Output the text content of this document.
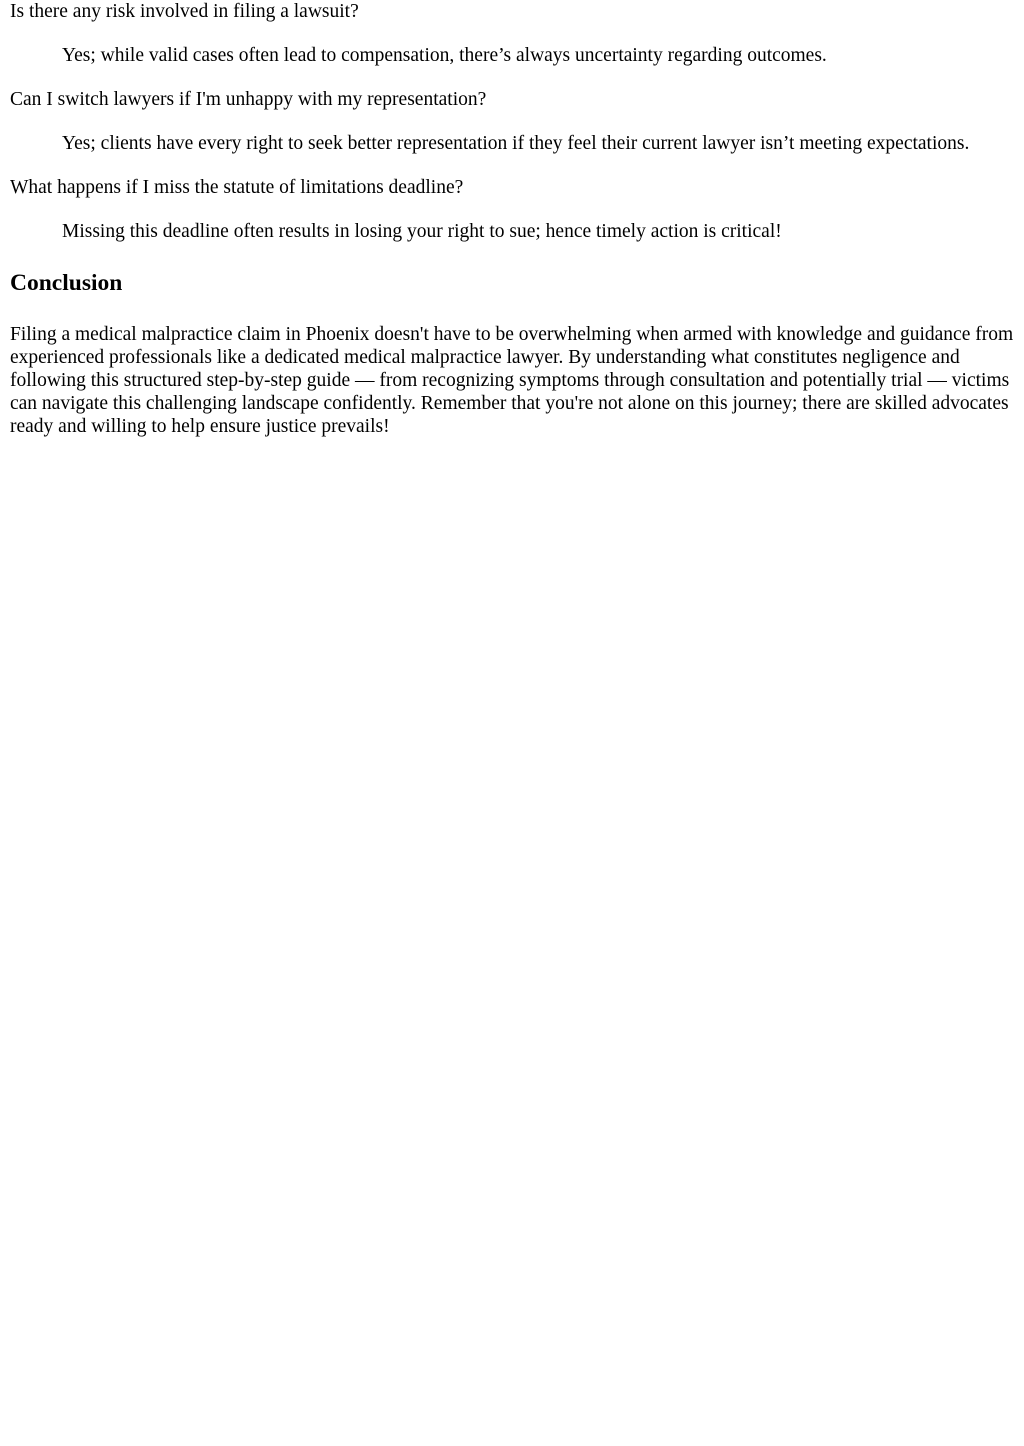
Is there any risk involved in filing a lawsuit?
Yes; while valid cases often lead to compensation, there’s always uncertainty regarding outcomes.
Can I switch lawyers if I'm unhappy with my representation?
Yes; clients have every right to seek better representation if they feel their current lawyer isn’t meeting expectations.
What happens if I miss the statute of limitations deadline?
Missing this deadline often results in losing your right to sue; hence timely action is critical!
Conclusion

Filing a medical malpractice claim in Phoenix doesn't have to be overwhelming when armed with knowledge and guidance from experienced professionals like a dedicated medical malpractice lawyer. By understanding what constitutes negligence and following this structured step-by-step guide — from recognizing symptoms through consultation and potentially trial — victims can navigate this challenging landscape confidently. Remember that you're not alone on this journey; there are skilled advocates ready and willing to help ensure justice prevails!
